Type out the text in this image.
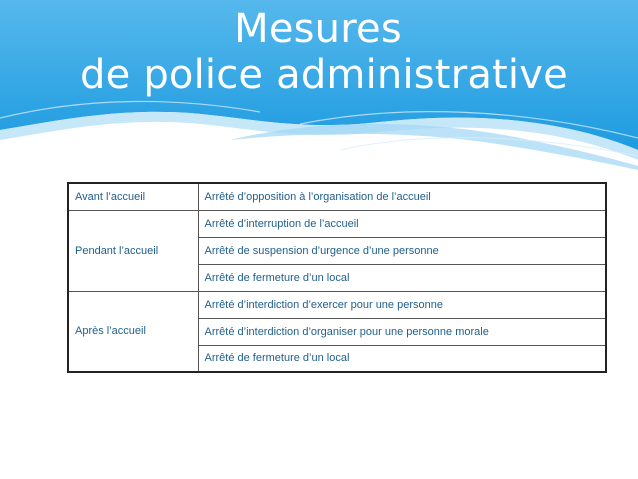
Mesures
de police administrative
Avant l’accueil	Arrêté d’opposition à l’organisation de l’accueil
Pendant l’accueil	Arrêté d’interruption de l’accueil
	Arrêté de suspension d’urgence d’une personne
	Arrêté de fermeture d’un local
Après l’accueil	Arrêté d’interdiction d’exercer pour une personne
	Arrêté d’interdiction d’organiser pour une personne morale
	Arrêté de fermeture d’un local
